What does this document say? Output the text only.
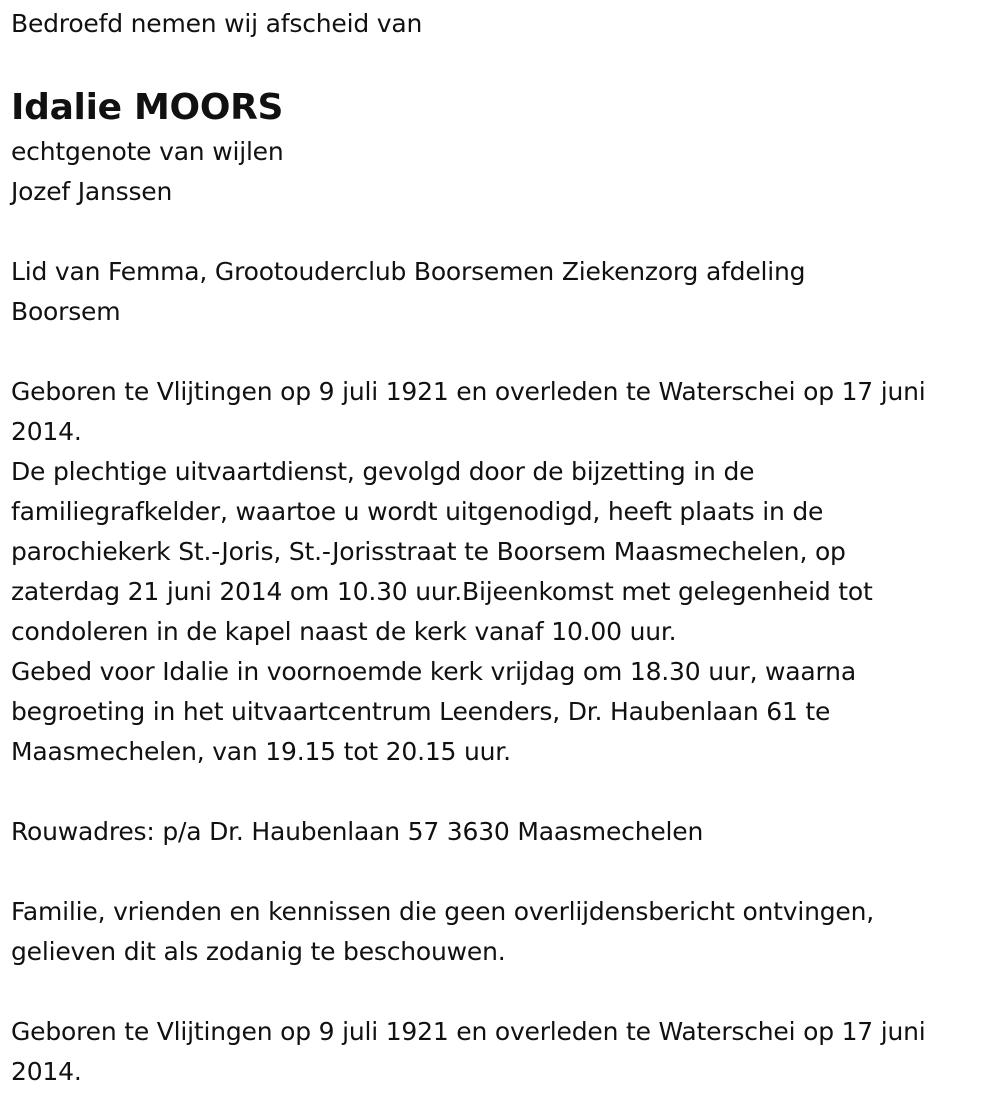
Bedroefd nemen wij afscheid van
Idalie MOORS
echtgenote van wijlen
Jozef Janssen
Lid van Femma, Grootouderclub Boorsemen Ziekenzorg afdeling
Boorsem
Geboren te Vlijtingen op 9 juli 1921 en overleden te Waterschei op 17 juni
2014.
De plechtige uitvaartdienst, gevolgd door de bijzetting in de
familiegrafkelder, waartoe u wordt uitgenodigd, heeft plaats in de
parochiekerk St.-Joris, St.-Jorisstraat te Boorsem Maasmechelen, op
zaterdag 21 juni 2014 om 10.30 uur.Bijeenkomst met gelegenheid tot
condoleren in de kapel naast de kerk vanaf 10.00 uur.
Gebed voor Idalie in voornoemde kerk vrijdag om 18.30 uur, waarna
begroeting in het uitvaartcentrum Leenders, Dr. Haubenlaan 61 te
Maasmechelen, van 19.15 tot 20.15 uur.
Rouwadres: p/a Dr. Haubenlaan 57 3630 Maasmechelen
Familie, vrienden en kennissen die geen overlijdensbericht ontvingen,
gelieven dit als zodanig te beschouwen.
Geboren te Vlijtingen op 9 juli 1921 en overleden te Waterschei op 17 juni
2014.
